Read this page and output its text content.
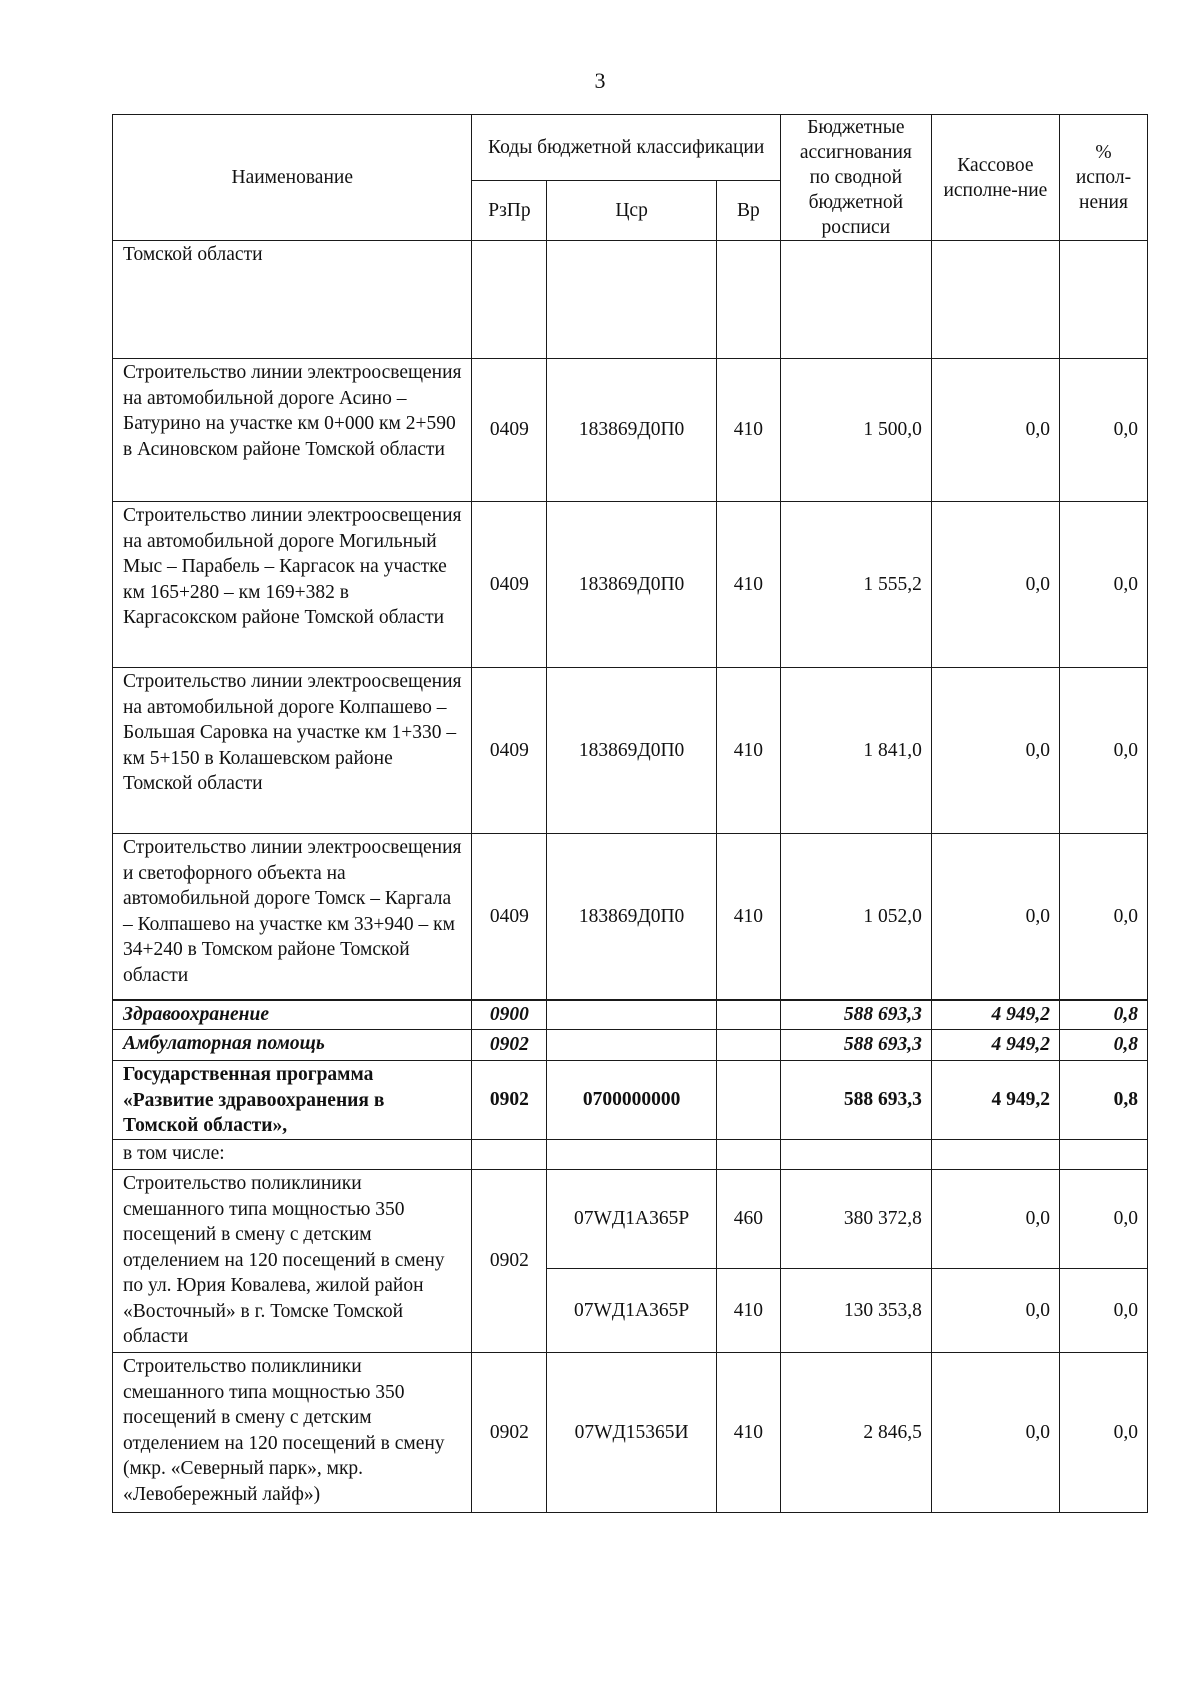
3
Наименование	Коды бюджетной классификации			Бюджетные ассигнования по сводной бюджетной росписи	Кассовое исполне-ние	% испол-нения
	РзПр	Цср	Вр			
Томской области						
Строительство линии электроосвещения на автомобильной дороге Асино – Батурино на участке км 0+000 км 2+590 в Асиновском районе Томской области	0409	183869Д0П0	410	1 500,0	0,0	0,0
Строительство линии электроосвещения на автомобильной дороге Могильный Мыс – Парабель – Каргасок на участке км 165+280 – км 169+382 в Каргасокском районе Томской области	0409	183869Д0П0	410	1 555,2	0,0	0,0
Строительство линии электроосвещения на автомобильной дороге Колпашево – Большая Саровка на участке км 1+330 – км 5+150 в Колашевском районе Томской области	0409	183869Д0П0	410	1 841,0	0,0	0,0
Строительство линии электроосвещения и светофорного объекта на автомобильной дороге Томск – Каргала – Колпашево на участке км 33+940 – км 34+240 в Томском районе Томской области	0409	183869Д0П0	410	1 052,0	0,0	0,0
Здравоохранение	0900			588 693,3	4 949,2	0,8
Амбулаторная помощь	0902			588 693,3	4 949,2	0,8
Государственная программа «Развитие здравоохранения в Томской области»,	0902	0700000000		588 693,3	4 949,2	0,8
в том числе:						
Строительство поликлиники смешанного типа мощностью 350 посещений в смену с детским отделением на 120 посещений в смену по ул. Юрия Ковалева, жилой район «Восточный» в г. Томске Томской области	0902	07WД1А365Р	460	380 372,8	0,0	0,0
		07WД1А365Р	410	130 353,8	0,0	0,0
Строительство поликлиники смешанного типа мощностью 350 посещений в смену с детским отделением на 120 посещений в смену (мкр. «Северный парк», мкр. «Левобережный лайф»)	0902	07WД15365И	410	2 846,5	0,0	0,0
